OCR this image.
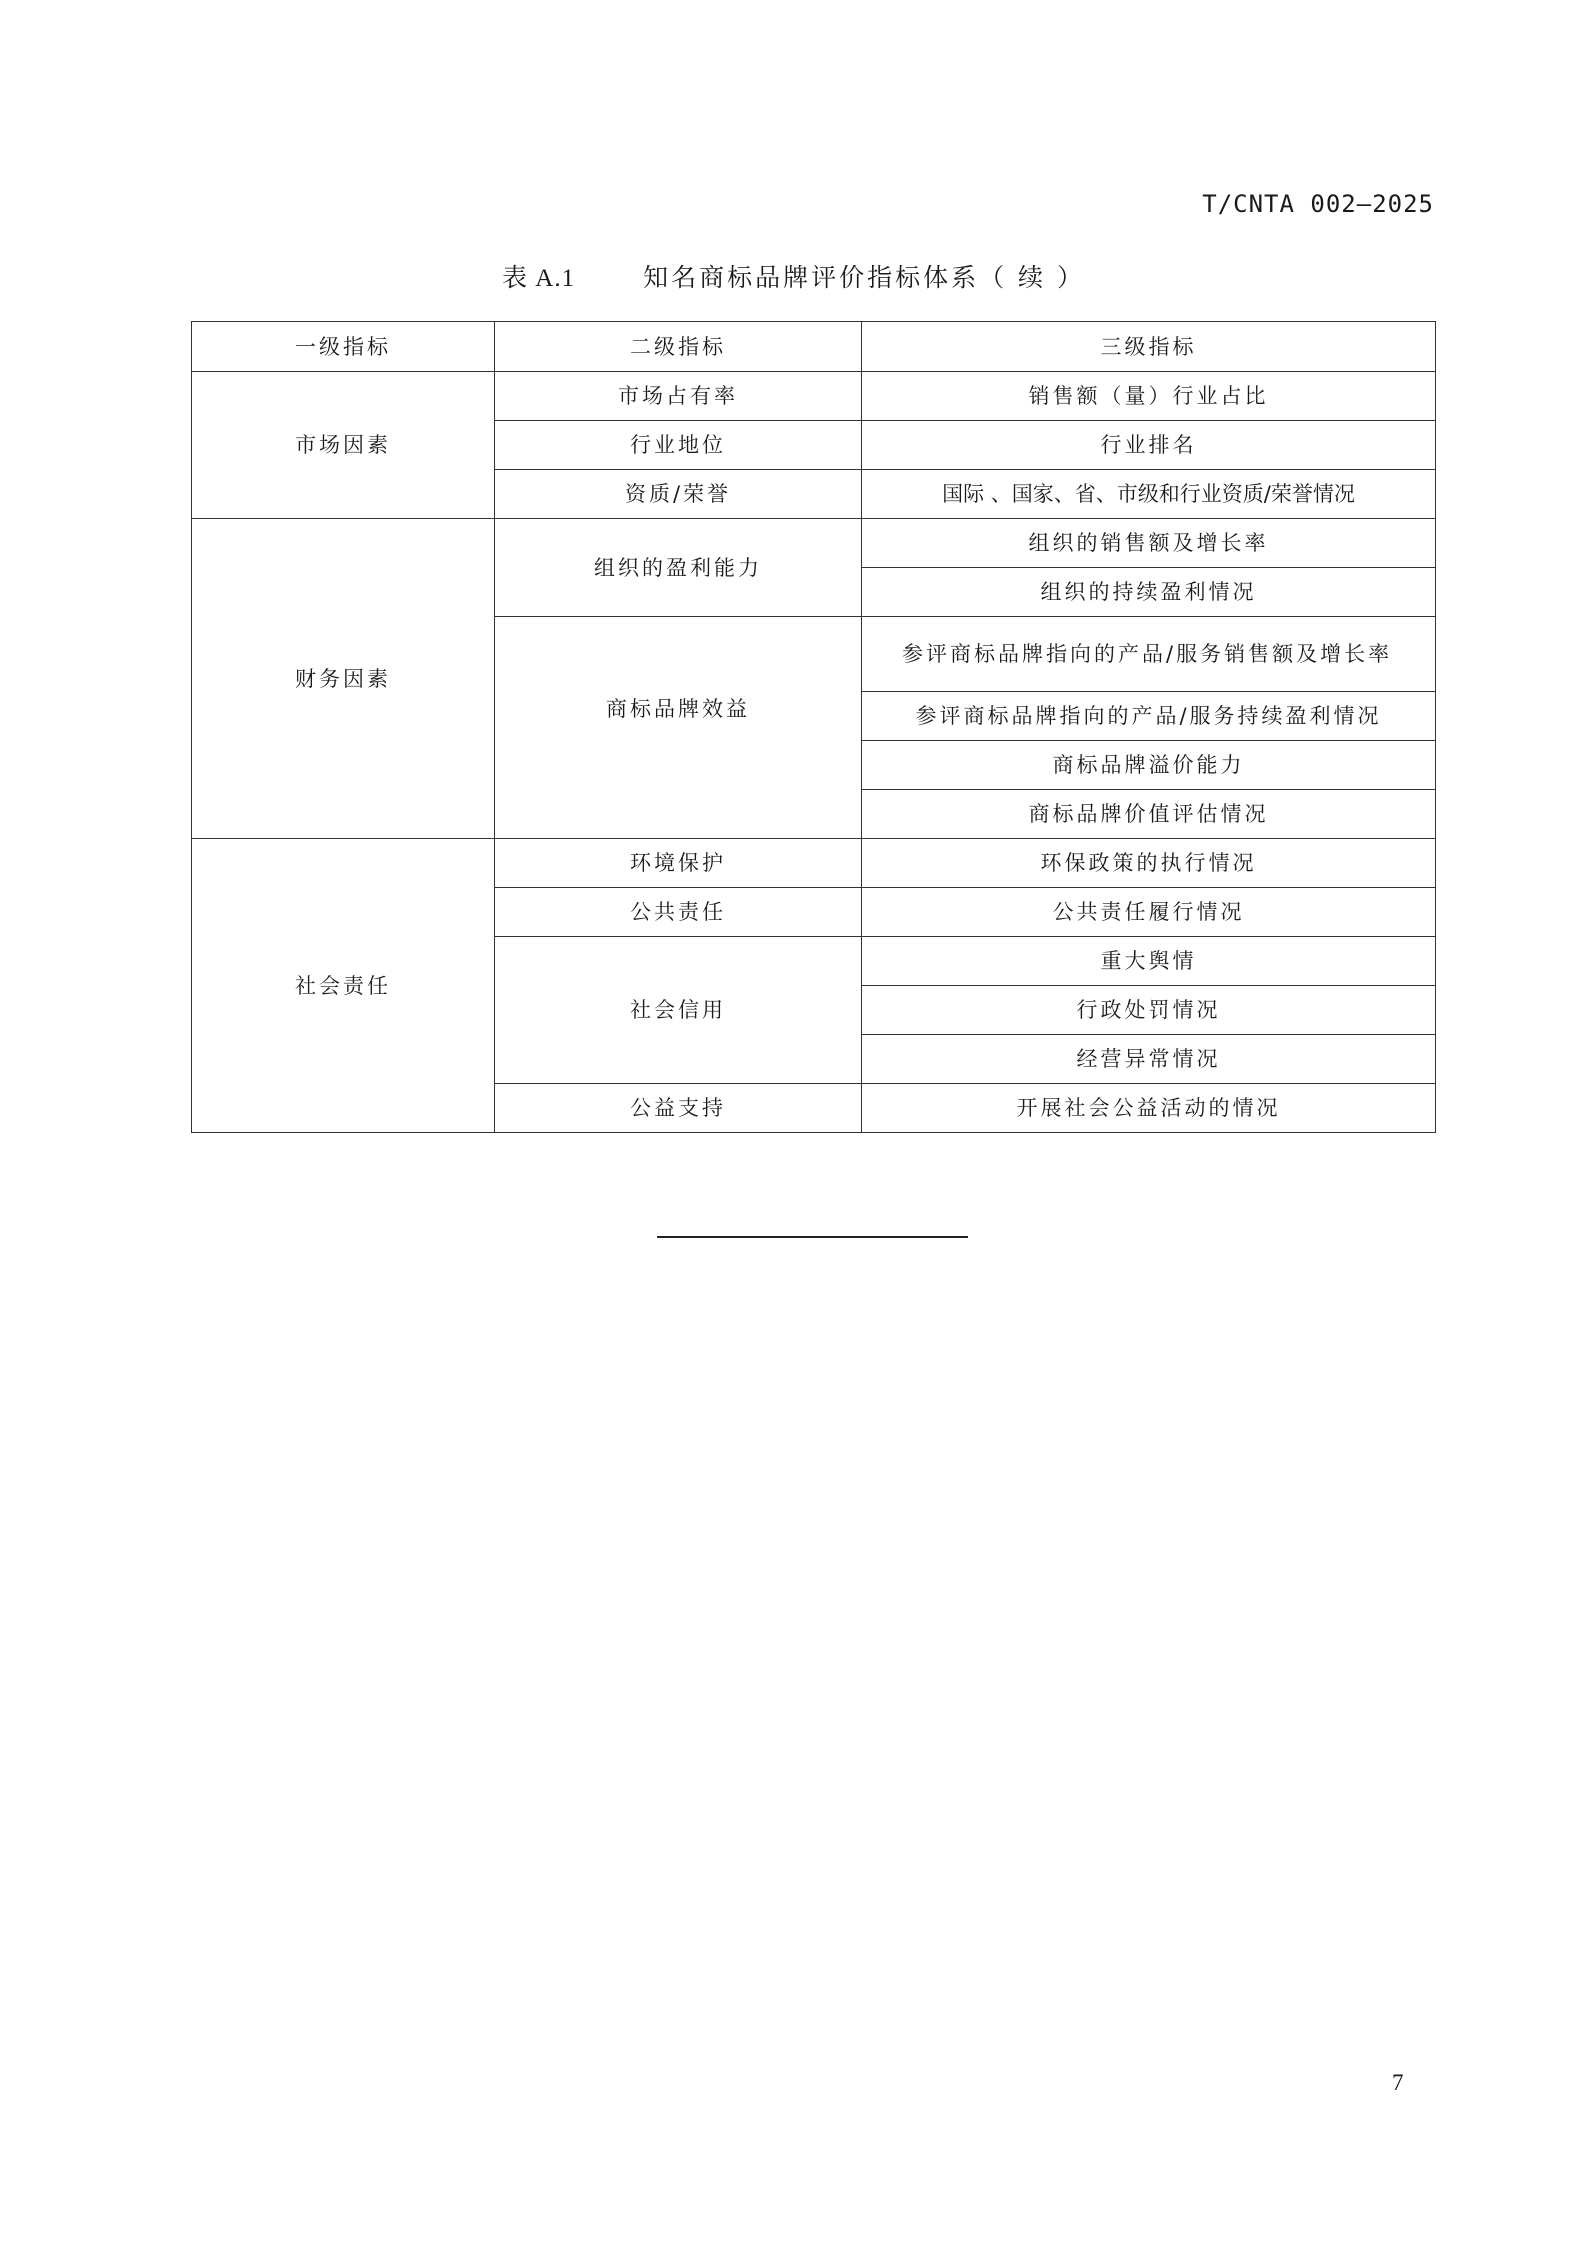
T/CNTA 002—2025
表 A.1	知名商标品牌评价指标体系（ 续 ）
一级指标	二级指标	三级指标
市场因素	市场占有率	销售额（量）行业占比
	行业地位	行业排名
	资质/荣誉	国际 、国家、省、市级和行业资质/荣誉情况
财务因素	组织的盈利能力	组织的销售额及增长率
		组织的持续盈利情况
	商标品牌效益	参评商标品牌指向的产品/服务销售额及增长率
		参评商标品牌指向的产品/服务持续盈利情况
		商标品牌溢价能力
		商标品牌价值评估情况
社会责任	环境保护	环保政策的执行情况
	公共责任	公共责任履行情况
	社会信用	重大舆情
		行政处罚情况
		经营异常情况
	公益支持	开展社会公益活动的情况
7
